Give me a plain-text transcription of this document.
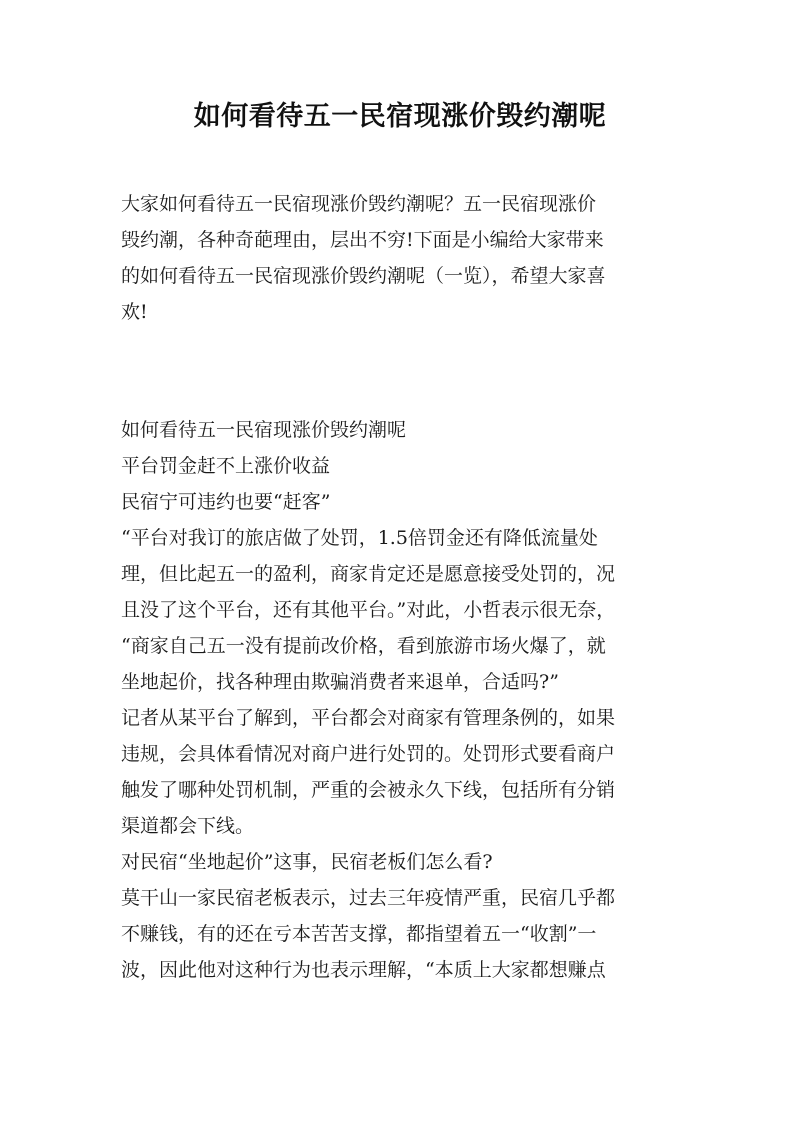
如何看待五一民宿现涨价毁约潮呢
大家如何看待五一民宿现涨价毁约潮呢？五一民宿现涨价
毁约潮，各种奇葩理由，层出不穷!下面是小编给大家带来
的如何看待五一民宿现涨价毁约潮呢（一览），希望大家喜
欢!
如何看待五一民宿现涨价毁约潮呢
平台罚金赶不上涨价收益
民宿宁可违约也要“赶客”
“平台对我订的旅店做了处罚，1.5倍罚金还有降低流量处
理，但比起五一的盈利，商家肯定还是愿意接受处罚的，况
且没了这个平台，还有其他平台。”对此，小哲表示很无奈，
“商家自己五一没有提前改价格，看到旅游市场火爆了，就
坐地起价，找各种理由欺骗消费者来退单，合适吗?”
记者从某平台了解到，平台都会对商家有管理条例的，如果
违规，会具体看情况对商户进行处罚的。处罚形式要看商户
触发了哪种处罚机制，严重的会被永久下线，包括所有分销
渠道都会下线。
对民宿“坐地起价”这事，民宿老板们怎么看?
莫干山一家民宿老板表示，过去三年疫情严重，民宿几乎都
不赚钱，有的还在亏本苦苦支撑，都指望着五一“收割”一
波，因此他对这种行为也表示理解，“本质上大家都想赚点
